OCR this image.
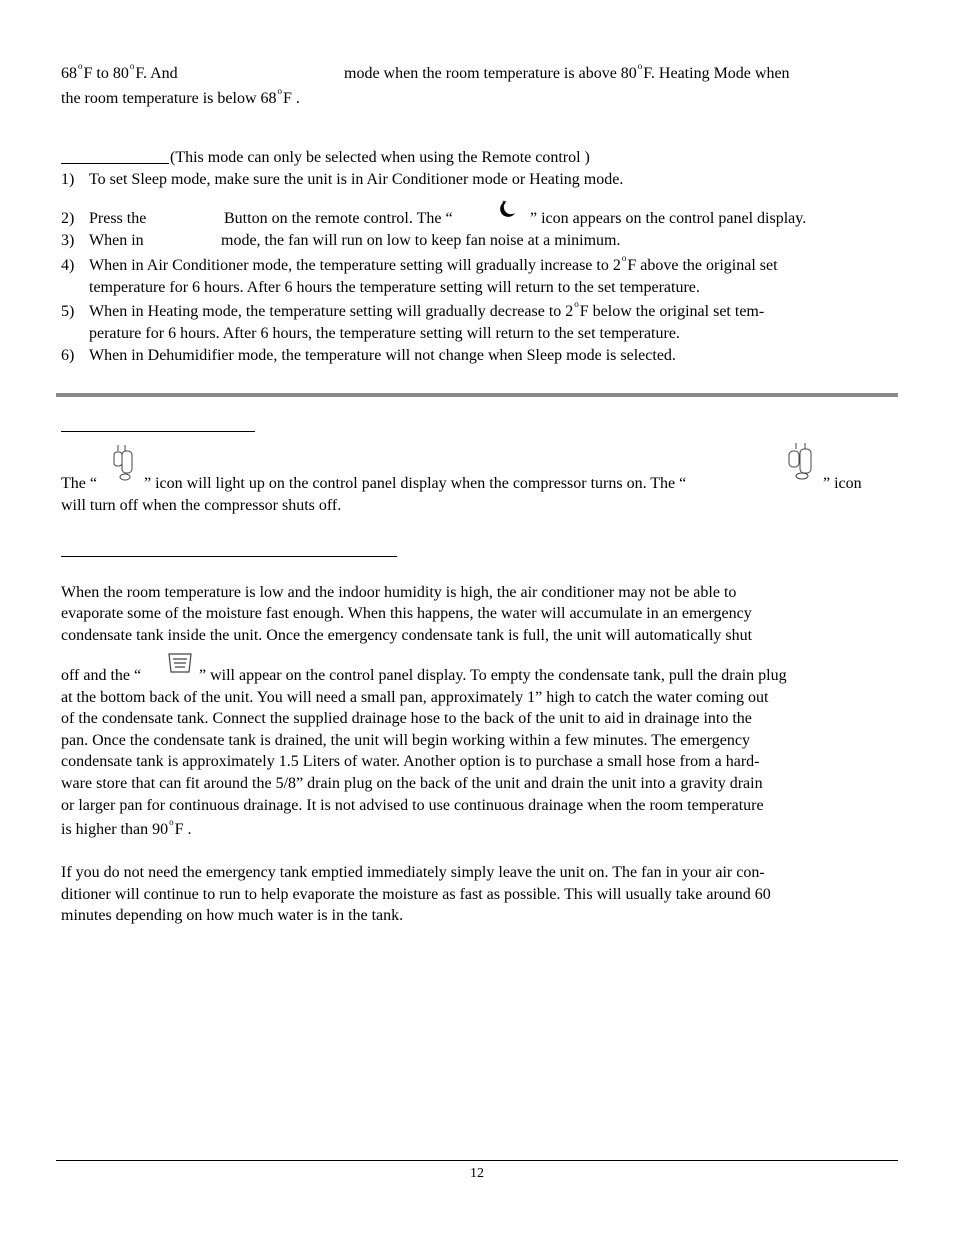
68$^o$F to 80$^o$F. And	mode when the room temperature is above 80$^o$F. Heating Mode when
the room temperature is below 68$^o$F .
(This mode can only be selected when using the Remote control )
1) To set Sleep mode, make sure the unit is in Air Conditioner mode or Heating mode.
2) Press the	Button on the remote control. The “	” icon appears on the control panel display.
3) When in	mode, the fan will run on low to keep fan noise at a minimum.
4) When in Air Conditioner mode, the temperature setting will gradually increase to 2$^o$F above the original set
temperature for 6 hours. After 6 hours the temperature setting will return to the set temperature.
5) When in Heating mode, the temperature setting will gradually decrease to 2$^o$F below the original set tem-
perature for 6 hours. After 6 hours, the temperature setting will return to the set temperature.
6) When in Dehumidifier mode, the temperature will not change when Sleep mode is selected.
The “	” icon will light up on the control panel display when the compressor turns on. The “	” icon
will turn off when the compressor shuts off.
When the room temperature is low and the indoor humidity is high, the air conditioner may not be able to
evaporate some of the moisture fast enough. When this happens, the water will accumulate in an emergency
condensate tank inside the unit. Once the emergency condensate tank is full, the unit will automatically shut
off and the “	” will appear on the control panel display. To empty the condensate tank, pull the drain plug
at the bottom back of the unit. You will need a small pan, approximately 1” high to catch the water coming out
of the condensate tank. Connect the supplied drainage hose to the back of the unit to aid in drainage into the
pan. Once the condensate tank is drained, the unit will begin working within a few minutes. The emergency
condensate tank is approximately 1.5 Liters of water. Another option is to purchase a small hose from a hard-
ware store that can fit around the 5/8” drain plug on the back of the unit and drain the unit into a gravity drain
or larger pan for continuous drainage. It is not advised to use continuous drainage when the room temperature
is higher than 90$^o$F .
If you do not need the emergency tank emptied immediately simply leave the unit on. The fan in your air con-
ditioner will continue to run to help evaporate the moisture as fast as possible. This will usually take around 60
minutes depending on how much water is in the tank.
12
